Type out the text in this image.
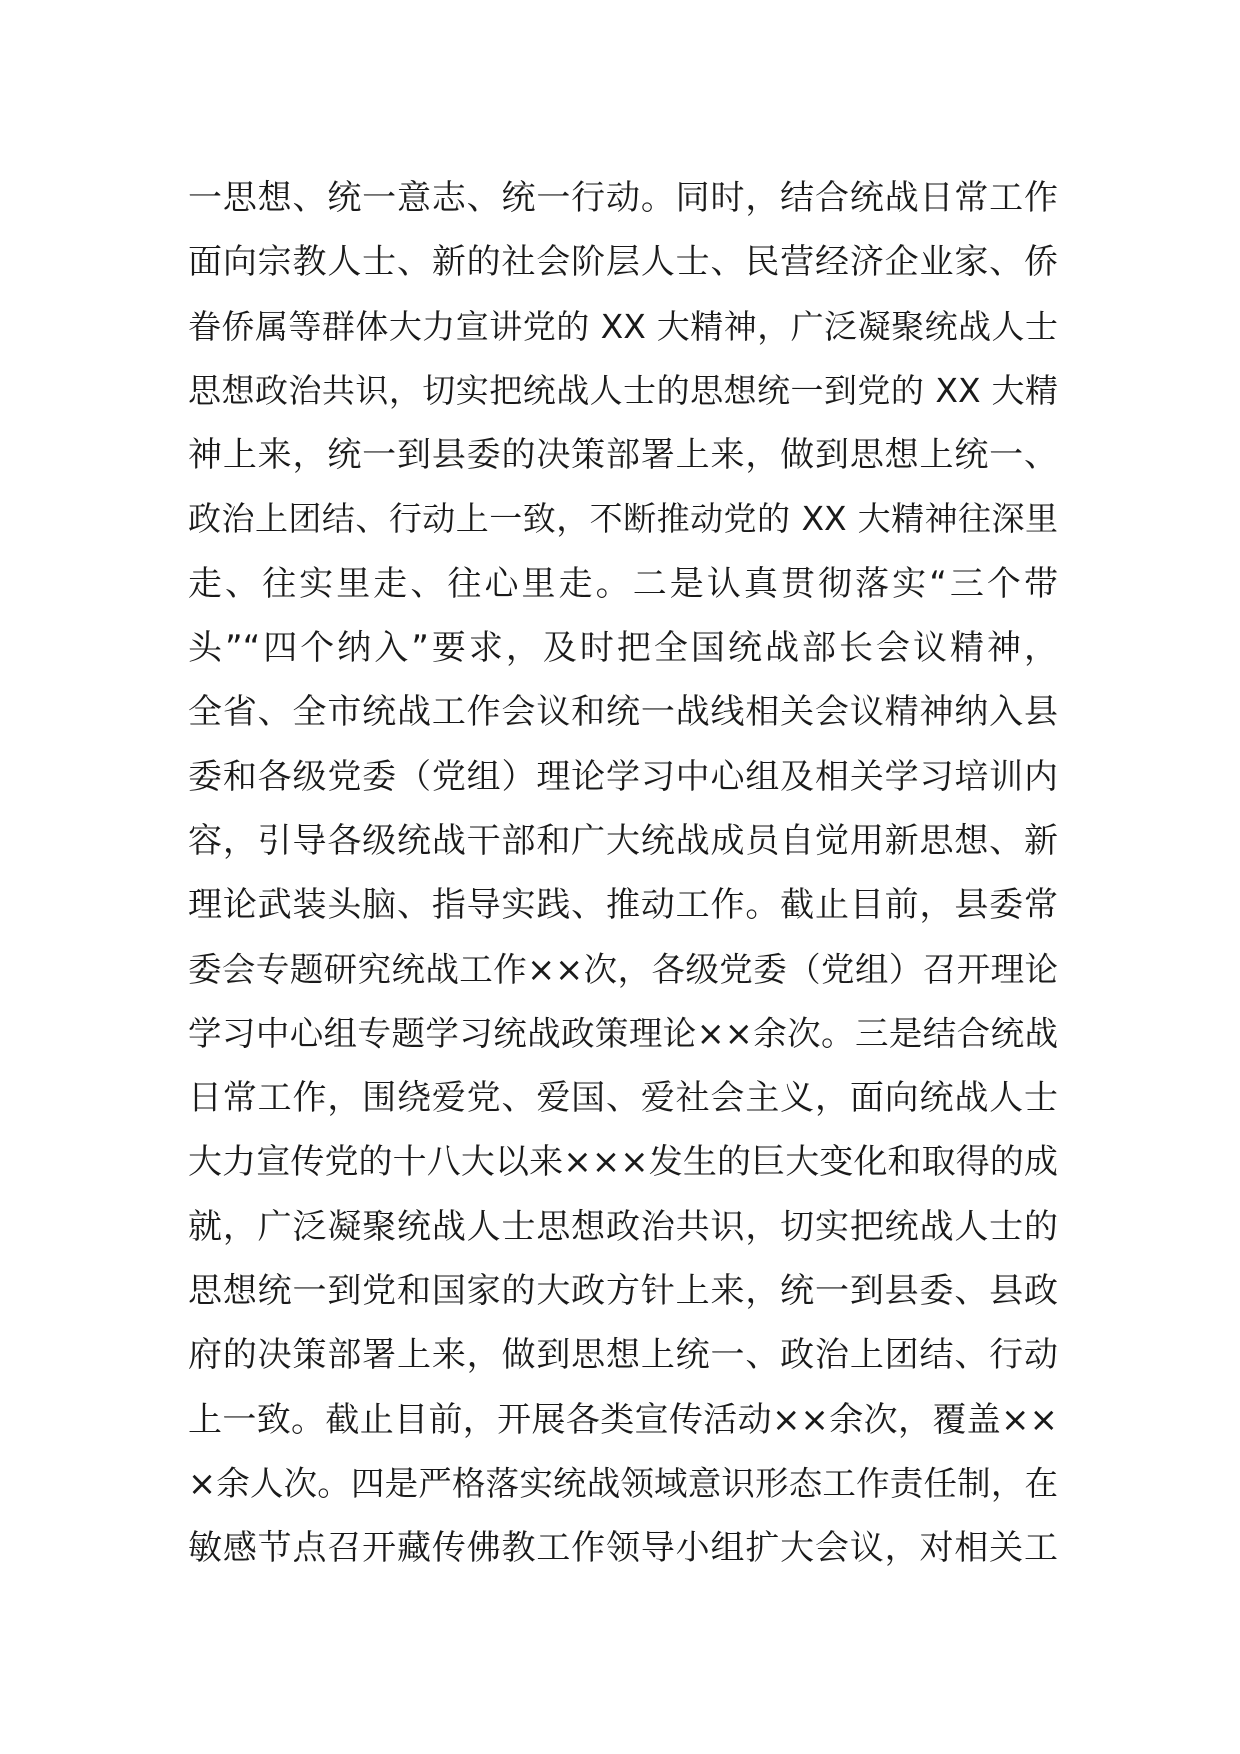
一思想、统一意志、统一行动。同时，结合统战日常工作
面向宗教人士、新的社会阶层人士、民营经济企业家、侨
眷侨属等群体大力宣讲党的 XX 大精神，广泛凝聚统战人士
思想政治共识，切实把统战人士的思想统一到党的 XX 大精
神上来，统一到县委的决策部署上来，做到思想上统一、
政治上团结、行动上一致，不断推动党的 XX 大精神往深里
走、往实里走、往心里走。二是认真贯彻落实“三个带
头”“四个纳入”要求，及时把全国统战部长会议精神，
全省、全市统战工作会议和统一战线相关会议精神纳入县
委和各级党委（党组）理论学习中心组及相关学习培训内
容，引导各级统战干部和广大统战成员自觉用新思想、新
理论武装头脑、指导实践、推动工作。截止目前，县委常
委会专题研究统战工作××次，各级党委（党组）召开理论
学习中心组专题学习统战政策理论××余次。三是结合统战
日常工作，围绕爱党、爱国、爱社会主义，面向统战人士
大力宣传党的十八大以来×××发生的巨大变化和取得的成
就，广泛凝聚统战人士思想政治共识，切实把统战人士的
思想统一到党和国家的大政方针上来，统一到县委、县政
府的决策部署上来，做到思想上统一、政治上团结、行动
上一致。截止目前，开展各类宣传活动××余次，覆盖××
×余人次。四是严格落实统战领域意识形态工作责任制，在
敏感节点召开藏传佛教工作领导小组扩大会议，对相关工
